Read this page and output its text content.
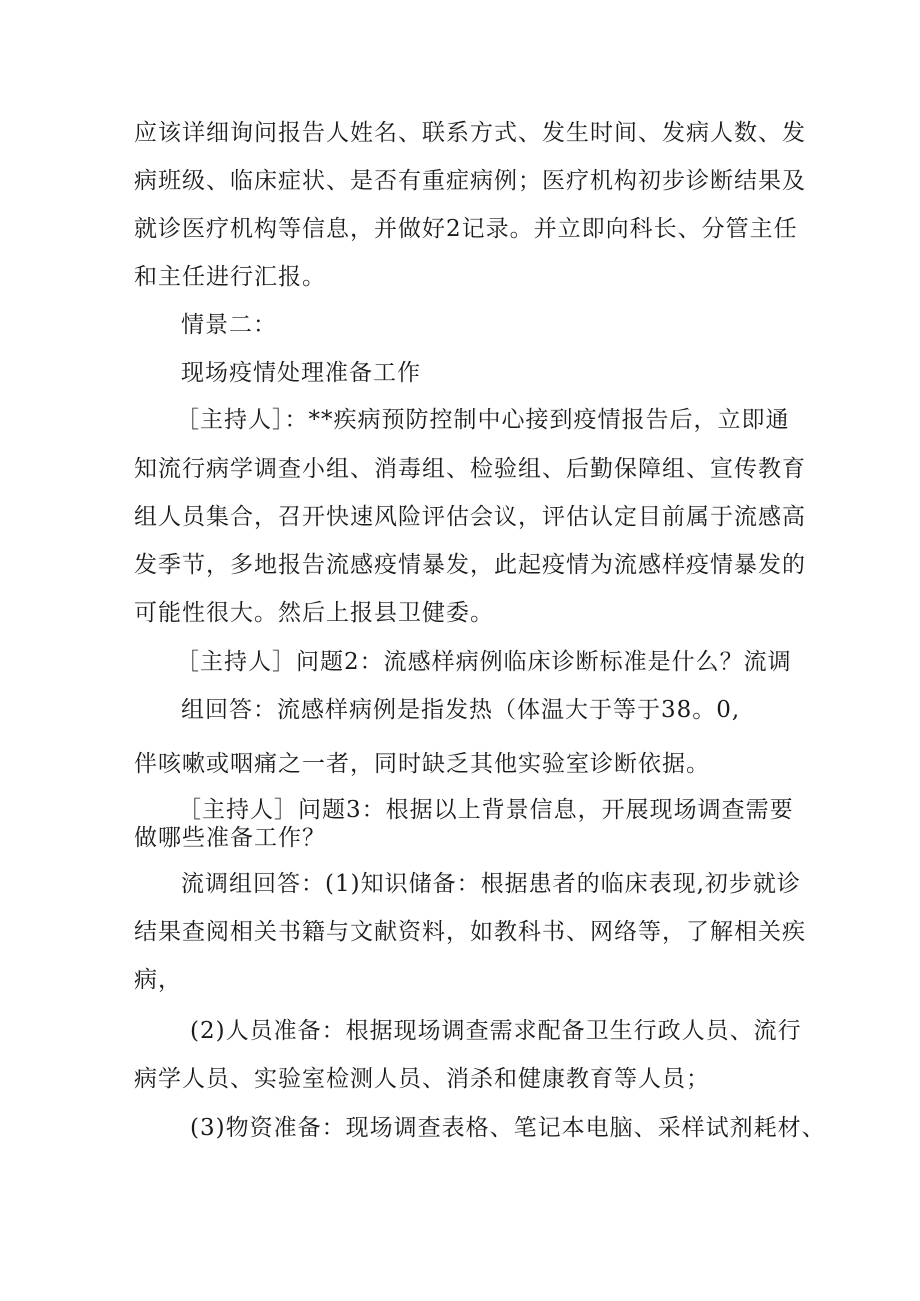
应该详细询问报告人姓名、联系方式、发生时间、发病人数、发
病班级、临床症状、是否有重症病例；医疗机构初步诊断结果及
就诊医疗机构等信息，并做好2记录。并立即向科长、分管主任
和主任进行汇报。
情景二：
现场疫情处理准备工作
［主持人］：**疾病预防控制中心接到疫情报告后，立即通
知流行病学调查小组、消毒组、检验组、后勤保障组、宣传教育
组人员集合，召开快速风险评估会议，评估认定目前属于流感高
发季节，多地报告流感疫情暴发，此起疫情为流感样疫情暴发的
可能性很大。然后上报县卫健委。
［主持人］问题2：流感样病例临床诊断标准是什么？流调
组回答：流感样病例是指发热（体温大于等于38。0,
伴咳嗽或咽痛之一者，同时缺乏其他实验室诊断依据。
［主持人］问题3：根据以上背景信息，开展现场调查需要
做哪些准备工作？
流调组回答：(1)知识储备：根据患者的临床表现,初步就诊
结果查阅相关书籍与文献资料，如教科书、网络等，了解相关疾
病，
(2)人员准备：根据现场调查需求配备卫生行政人员、流行
病学人员、实验室检测人员、消杀和健康教育等人员；
(3)物资准备：现场调查表格、笔记本电脑、采样试剂耗材、
